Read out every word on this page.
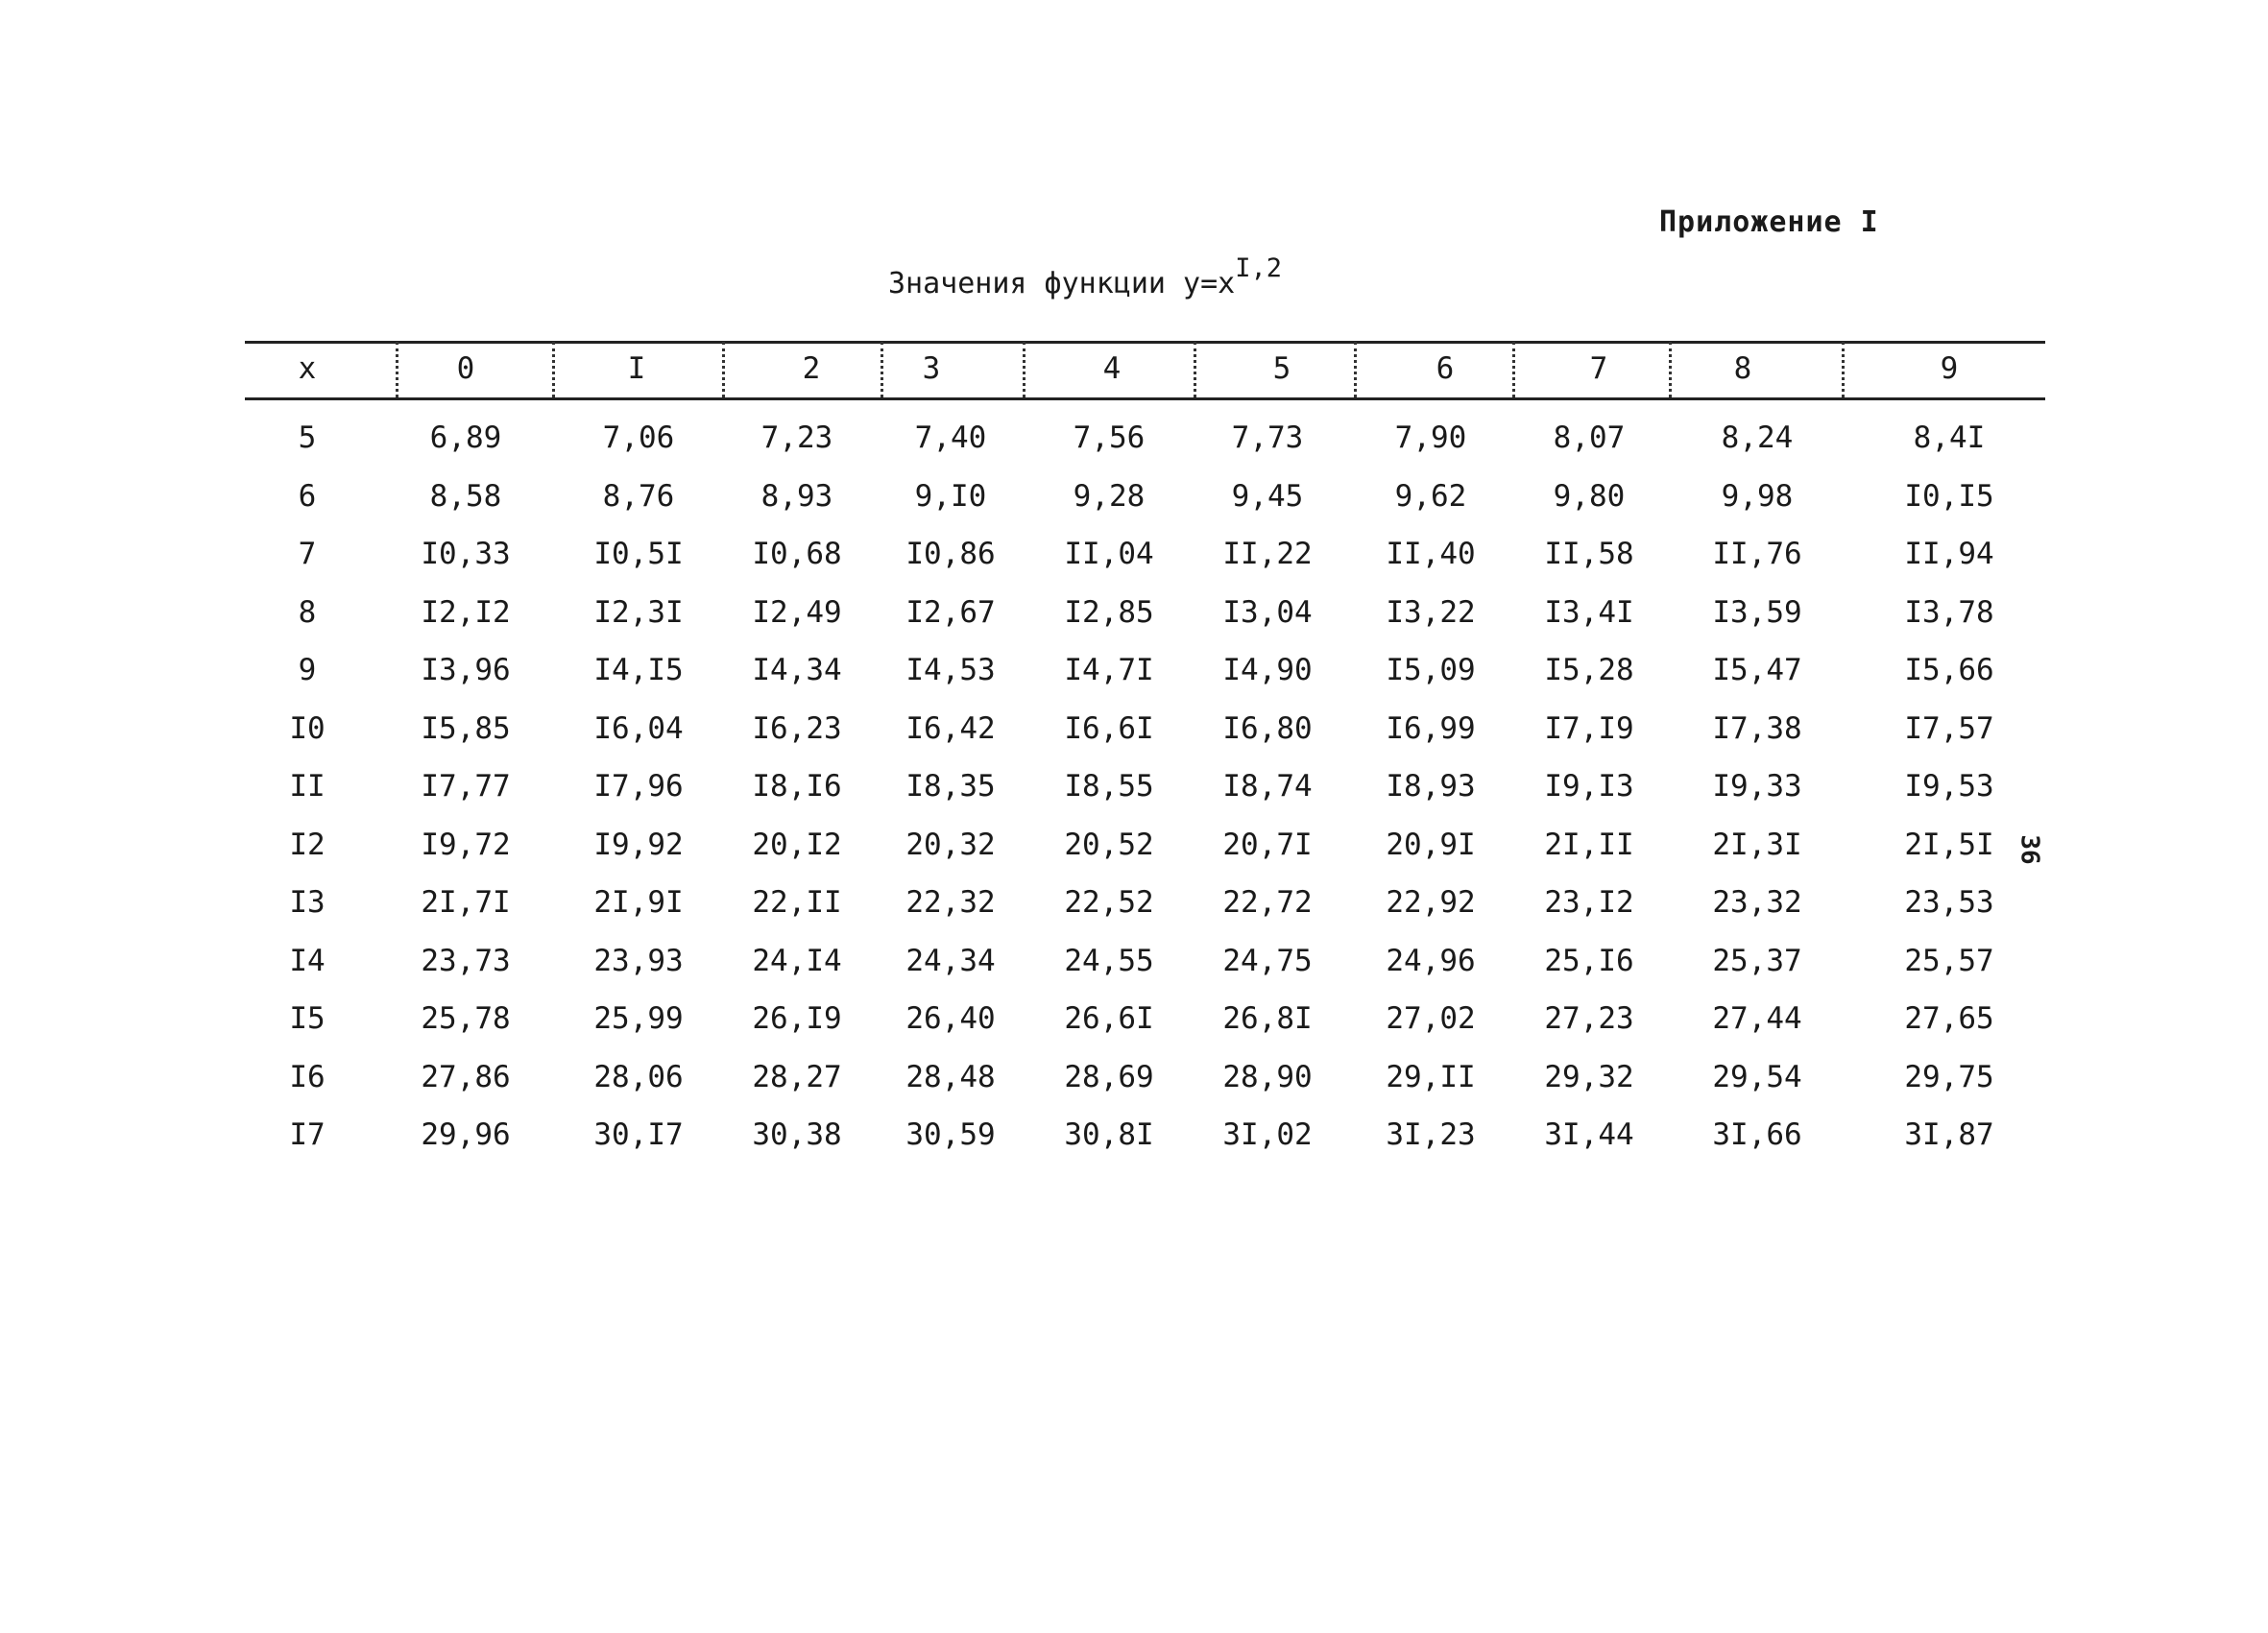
Приложение I
Значения функции $y=x^{I,2}$
x	0	I	2	3	4	5	6	7	8	9
5	6,89	7,06	7,23	7,40	7,56	7,73	7,90	8,07	8,24	8,4I
6	8,58	8,76	8,93	9,I0	9,28	9,45	9,62	9,80	9,98	I0,I5
7	I0,33	I0,5I	I0,68	I0,86	II,04	II,22	II,40	II,58	II,76	II,94
8	I2,I2	I2,3I	I2,49	I2,67	I2,85	I3,04	I3,22	I3,4I	I3,59	I3,78
9	I3,96	I4,I5	I4,34	I4,53	I4,7I	I4,90	I5,09	I5,28	I5,47	I5,66
I0	I5,85	I6,04	I6,23	I6,42	I6,6I	I6,80	I6,99	I7,I9	I7,38	I7,57
II	I7,77	I7,96	I8,I6	I8,35	I8,55	I8,74	I8,93	I9,I3	I9,33	I9,53
I2	I9,72	I9,92	20,I2	20,32	20,52	20,7I	20,9I	2I,II	2I,3I	2I,5I
I3	2I,7I	2I,9I	22,II	22,32	22,52	22,72	22,92	23,I2	23,32	23,53
I4	23,73	23,93	24,I4	24,34	24,55	24,75	24,96	25,I6	25,37	25,57
I5	25,78	25,99	26,I9	26,40	26,6I	26,8I	27,02	27,23	27,44	27,65
I6	27,86	28,06	28,27	28,48	28,69	28,90	29,II	29,32	29,54	29,75
I7	29,96	30,I7	30,38	30,59	30,8I	3I,02	3I,23	3I,44	3I,66	3I,87
36
